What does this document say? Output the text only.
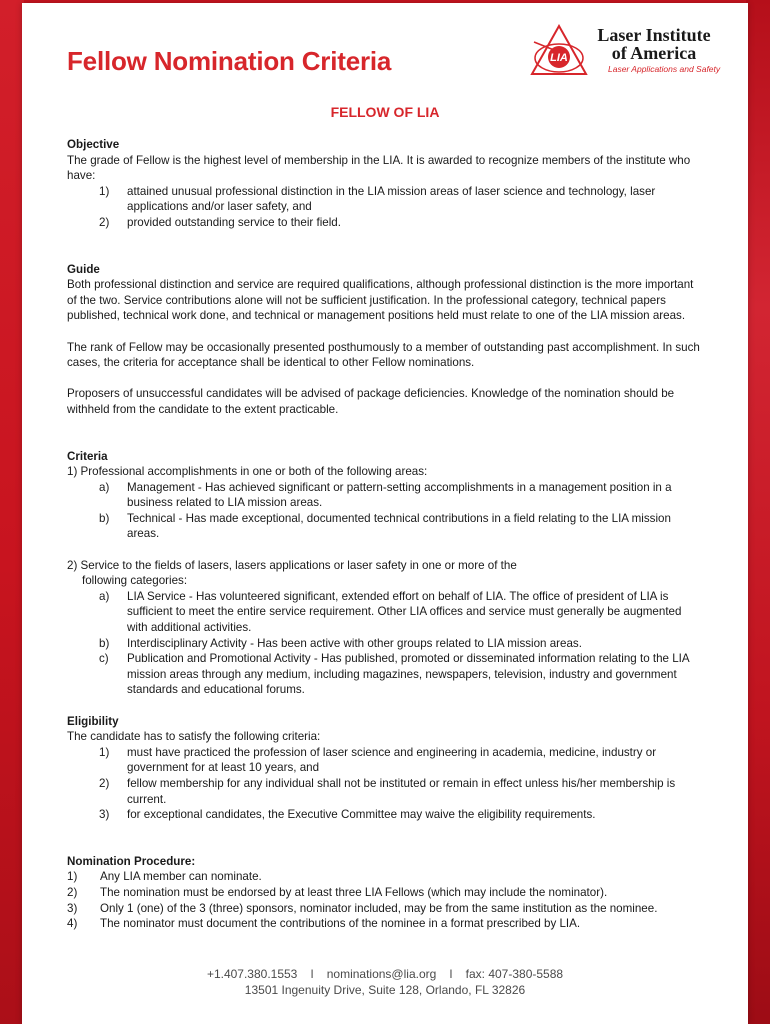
Fellow Nomination Criteria	LIA
Laser Institute
of America
Laser Applications and Safety
FELLOW OF LIA

Objective

The grade of Fellow is the highest level of membership in the LIA. It is awarded to recognize members of the institute who have:

1) attained unusual professional distinction in the LIA mission areas of laser science and technology, laser applications and/or laser safety, and
2) provided outstanding service to their field.

Guide

Both professional distinction and service are required qualifications, although professional distinction is the more important of the two. Service contributions alone will not be sufficient justification. In the professional category, technical papers published, technical work done, and technical or management positions held must relate to one of the LIA mission areas.

The rank of Fellow may be occasionally presented posthumously to a member of outstanding past accomplishment. In such cases, the criteria for acceptance shall be identical to other Fellow nominations.

Proposers of unsuccessful candidates will be advised of package deficiencies. Knowledge of the nomination should be withheld from the candidate to the extent practicable.

Criteria

1) Professional accomplishments in one or both of the following areas:

a) Management - Has achieved significant or pattern-setting accomplishments in a management position in a business related to LIA mission areas.
b) Technical - Has made exceptional, documented technical contributions in a field relating to the LIA mission areas.

2) Service to the fields of lasers, lasers applications or laser safety in one or more of the

following categories:

a) LIA Service - Has volunteered significant, extended effort on behalf of LIA. The office of president of LIA is sufficient to meet the entire service requirement. Other LIA offices and service must generally be augmented with additional activities.
b) Interdisciplinary Activity - Has been active with other groups related to LIA mission areas.
c) Publication and Promotional Activity - Has published, promoted or disseminated information relating to the LIA mission areas through any medium, including magazines, newspapers, television, industry and government standards and educational forums.

Eligibility

The candidate has to satisfy the following criteria:

1) must have practiced the profession of laser science and engineering in academia, medicine, industry or government for at least 10 years, and
2) fellow membership for any individual shall not be instituted or remain in effect unless his/her membership is current.
3) for exceptional candidates, the Executive Committee may waive the eligibility requirements.

Nomination Procedure:

1) Any LIA member can nominate.
2) The nomination must be endorsed by at least three LIA Fellows (which may include the nominator).
3) Only 1 (one) of the 3 (three) sponsors, nominator included, may be from the same institution as the nominee.
4) The nominator must document the contributions of the nominee in a format prescribed by LIA.
+1.407.380.1553 l nominations@lia.org l fax: 407-380-5588
13501 Ingenuity Drive, Suite 128, Orlando, FL 32826
